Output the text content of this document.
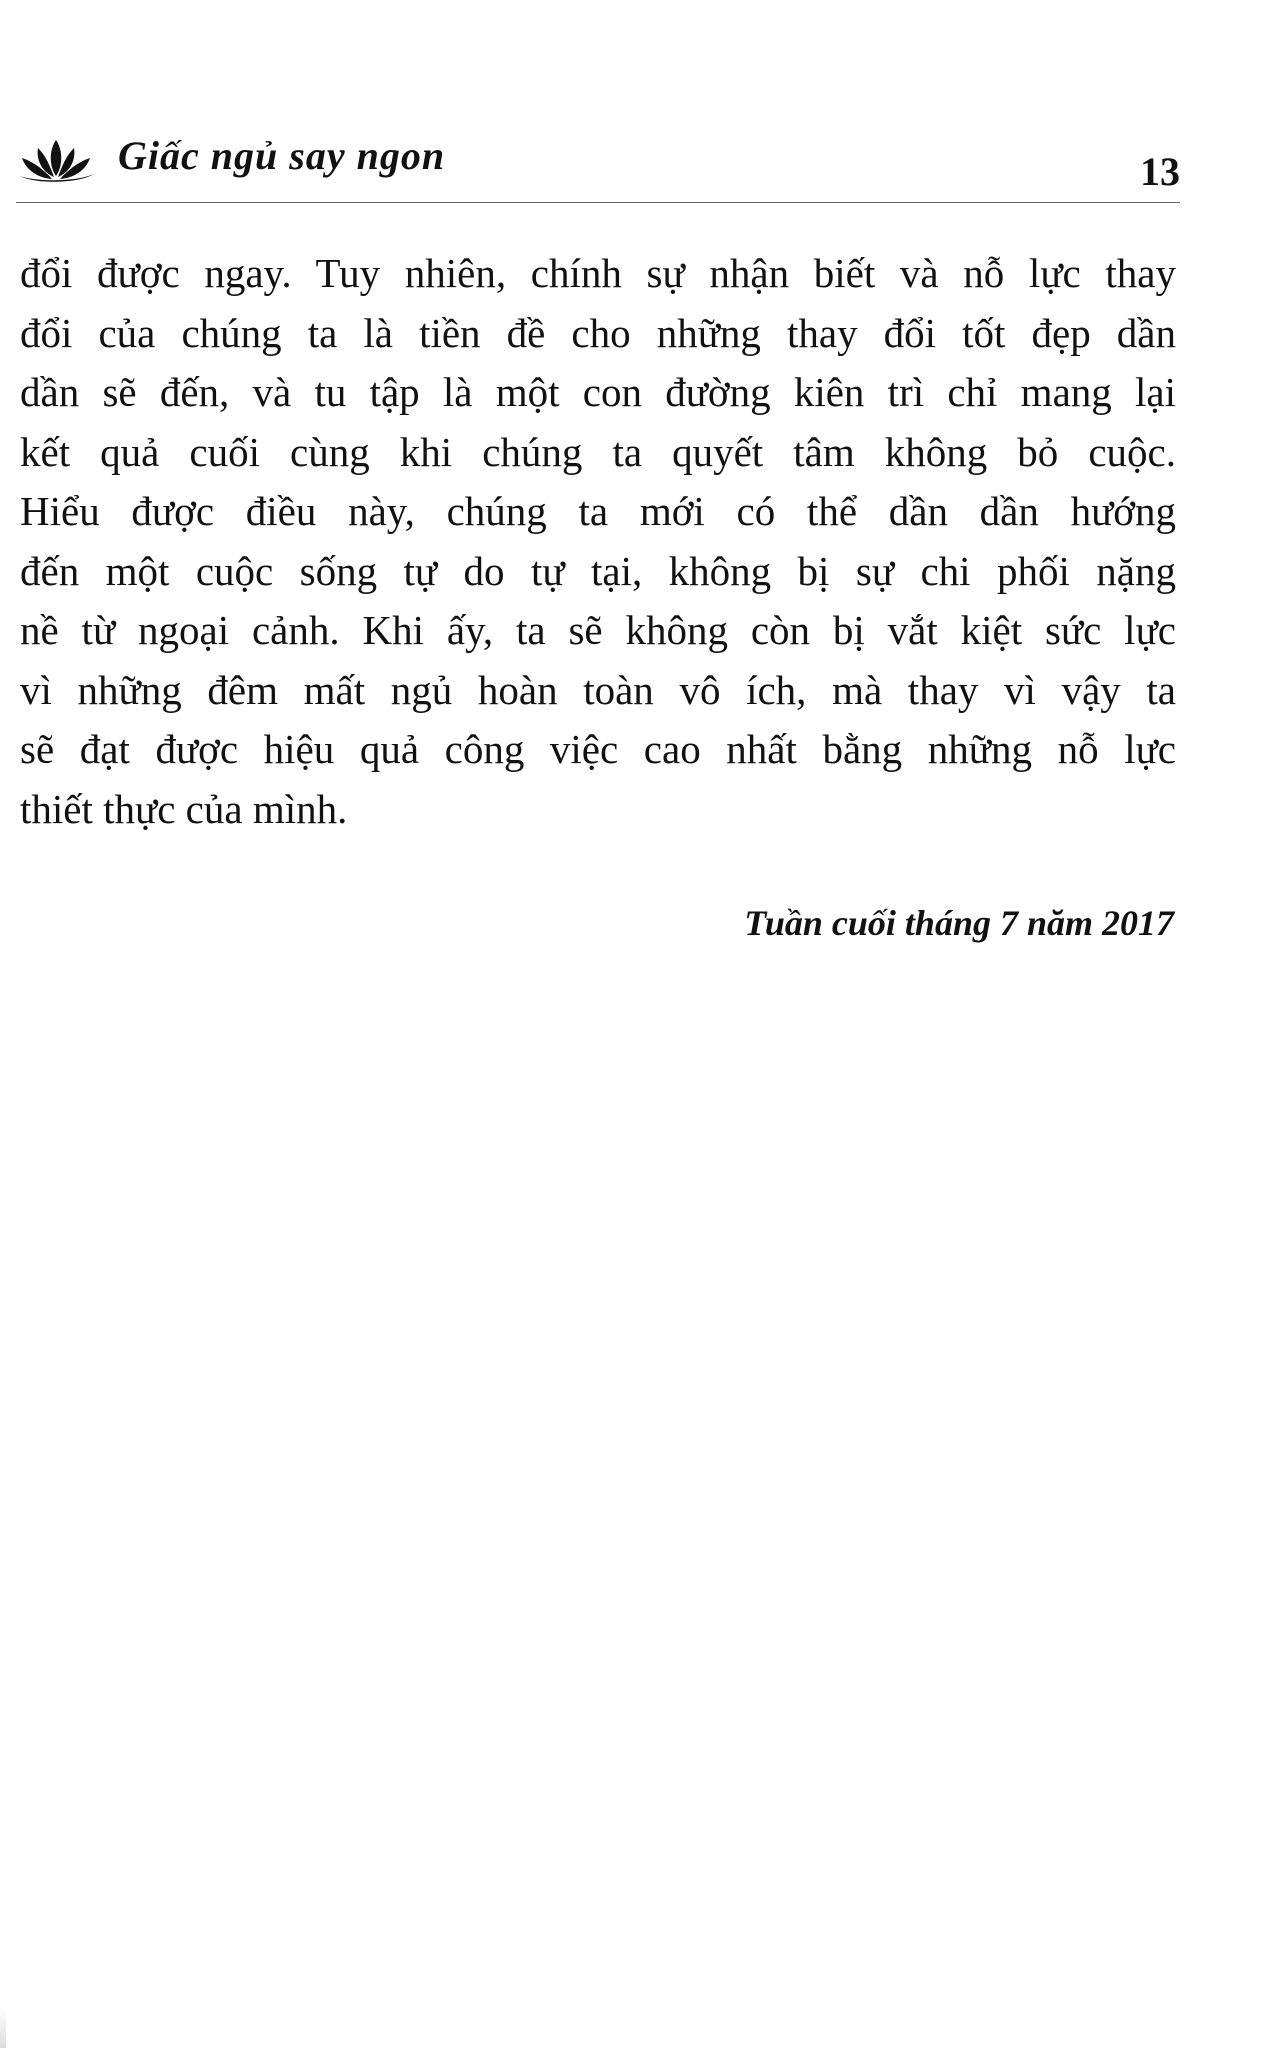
Giấc ngủ say ngon	13
đổi được ngay. Tuy nhiên, chính sự nhận biết và nỗ lực thay
đổi của chúng ta là tiền đề cho những thay đổi tốt đẹp dần
dần sẽ đến, và tu tập là một con đường kiên trì chỉ mang lại
kết quả cuối cùng khi chúng ta quyết tâm không bỏ cuộc.
Hiểu được điều này, chúng ta mới có thể dần dần hướng
đến một cuộc sống tự do tự tại, không bị sự chi phối nặng
nề từ ngoại cảnh. Khi ấy, ta sẽ không còn bị vắt kiệt sức lực
vì những đêm mất ngủ hoàn toàn vô ích, mà thay vì vậy ta
sẽ đạt được hiệu quả công việc cao nhất bằng những nỗ lực
thiết thực của mình.
Tuần cuối tháng 7 năm 2017
